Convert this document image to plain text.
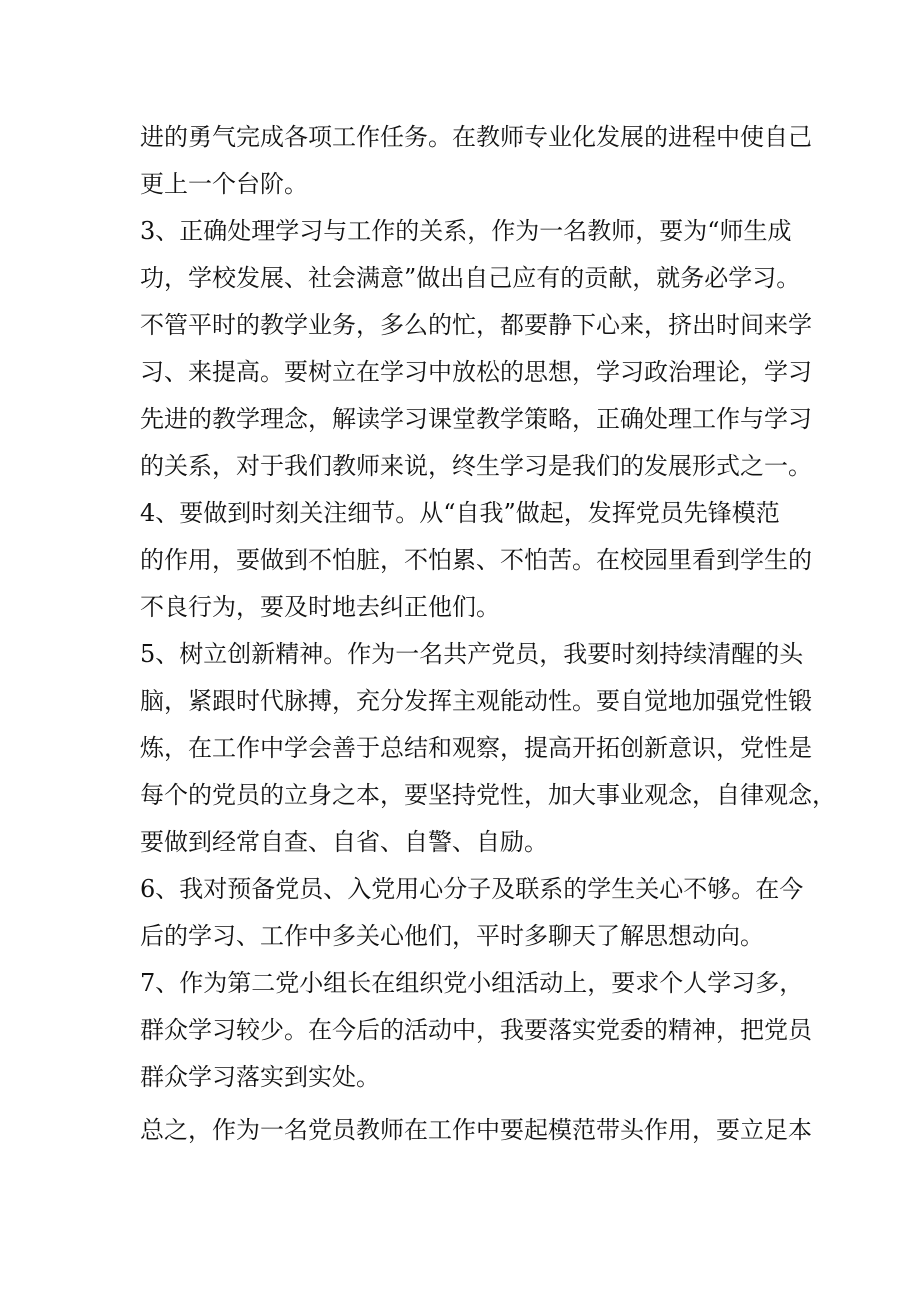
进的勇气完成各项工作任务。在教师专业化发展的进程中使自己
更上一个台阶。
3、正确处理学习与工作的关系，作为一名教师，要为“师生成
功，学校发展、社会满意”做出自己应有的贡献，就务必学习。
不管平时的教学业务，多么的忙，都要静下心来，挤出时间来学
习、来提高。要树立在学习中放松的思想，学习政治理论，学习
先进的教学理念，解读学习课堂教学策略，正确处理工作与学习
的关系，对于我们教师来说，终生学习是我们的发展形式之一。
4、要做到时刻关注细节。从“自我”做起，发挥党员先锋模范
的作用，要做到不怕脏，不怕累、不怕苦。在校园里看到学生的
不良行为，要及时地去纠正他们。
5、树立创新精神。作为一名共产党员，我要时刻持续清醒的头
脑，紧跟时代脉搏，充分发挥主观能动性。要自觉地加强党性锻
炼，在工作中学会善于总结和观察，提高开拓创新意识，党性是
每个的党员的立身之本，要坚持党性，加大事业观念，自律观念，
要做到经常自查、自省、自警、自励。
6、我对预备党员、入党用心分子及联系的学生关心不够。在今
后的学习、工作中多关心他们，平时多聊天了解思想动向。
7、作为第二党小组长在组织党小组活动上，要求个人学习多，
群众学习较少。在今后的活动中，我要落实党委的精神，把党员
群众学习落实到实处。
总之，作为一名党员教师在工作中要起模范带头作用，要立足本
